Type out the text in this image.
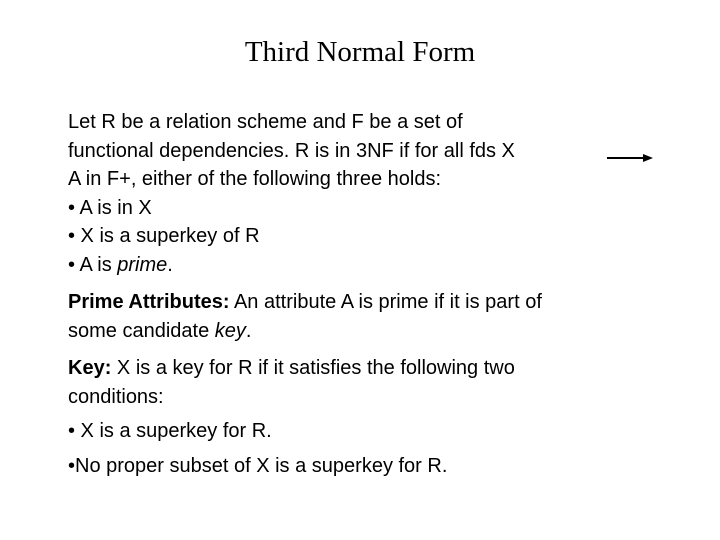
Third Normal Form
Let R be a relation scheme and F be a set of
functional dependencies. R is in 3NF if for all fds X
A in F+, either of the following three holds:
• A is in X
• X is a superkey of R
• A is prime.
Prime Attributes: An attribute A is prime if it is part of
some candidate key.
Key: X is a key for R if it satisfies the following two
conditions:
• X is a superkey for R.
•No proper subset of X is a superkey for R.
